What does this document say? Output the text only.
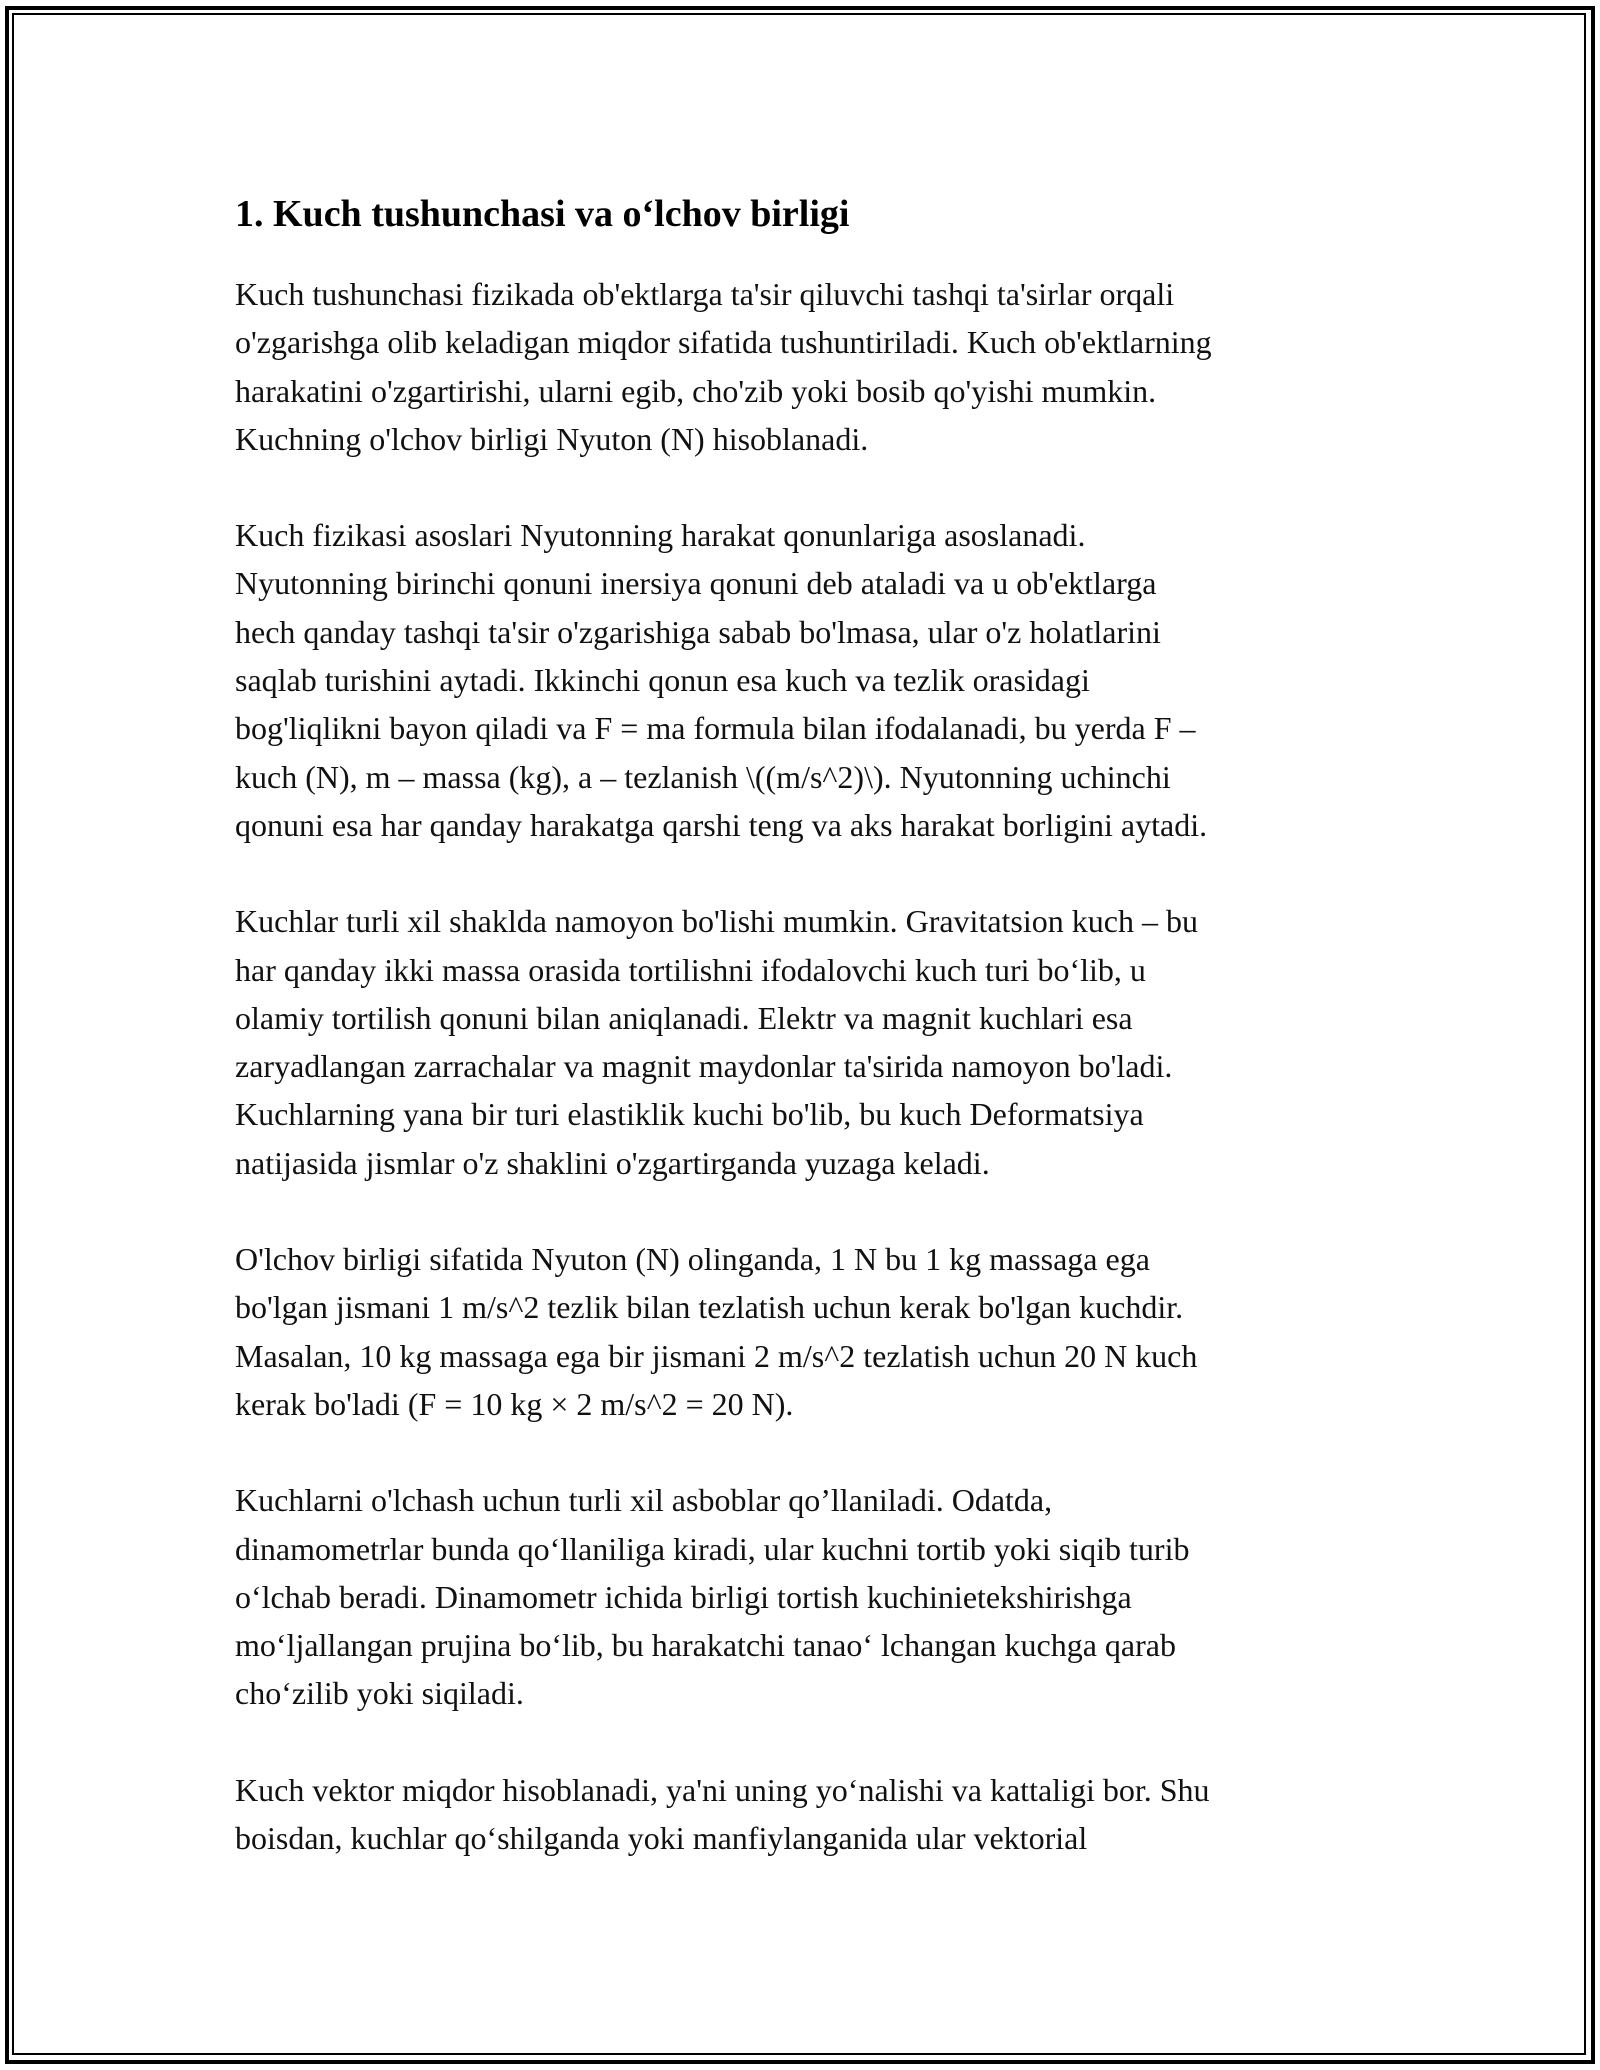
1. Kuch tushunchasi va o‘lchov birligi
Kuch tushunchasi fizikada ob'ektlarga ta'sir qiluvchi tashqi ta'sirlar orqali
o'zgarishga olib keladigan miqdor sifatida tushuntiriladi. Kuch ob'ektlarning
harakatini o'zgartirishi, ularni egib, cho'zib yoki bosib qo'yishi mumkin.
Kuchning o'lchov birligi Nyuton (N) hisoblanadi.
Kuch fizikasi asoslari Nyutonning harakat qonunlariga asoslanadi.
Nyutonning birinchi qonuni inersiya qonuni deb ataladi va u ob'ektlarga
hech qanday tashqi ta'sir o'zgarishiga sabab bo'lmasa, ular o'z holatlarini
saqlab turishini aytadi. Ikkinchi qonun esa kuch va tezlik orasidagi
bog'liqlikni bayon qiladi va F = ma formula bilan ifodalanadi, bu yerda F –
kuch (N), m – massa (kg), a – tezlanish \((m/s^2)\). Nyutonning uchinchi
qonuni esa har qanday harakatga qarshi teng va aks harakat borligini aytadi.
Kuchlar turli xil shaklda namoyon bo'lishi mumkin. Gravitatsion kuch – bu
har qanday ikki massa orasida tortilishni ifodalovchi kuch turi bo‘lib, u
olamiy tortilish qonuni bilan aniqlanadi. Elektr va magnit kuchlari esa
zaryadlangan zarrachalar va magnit maydonlar ta'sirida namoyon bo'ladi.
Kuchlarning yana bir turi elastiklik kuchi bo'lib, bu kuch Deformatsiya
natijasida jismlar o'z shaklini o'zgartirganda yuzaga keladi.
O'lchov birligi sifatida Nyuton (N) olinganda, 1 N bu 1 kg massaga ega
bo'lgan jismani 1 m/s^2 tezlik bilan tezlatish uchun kerak bo'lgan kuchdir.
Masalan, 10 kg massaga ega bir jismani 2 m/s^2 tezlatish uchun 20 N kuch
kerak bo'ladi (F = 10 kg × 2 m/s^2 = 20 N).
Kuchlarni o'lchash uchun turli xil asboblar qo’llaniladi. Odatda,
dinamometrlar bunda qo‘llaniliga kiradi, ular kuchni tortib yoki siqib turib
o‘lchab beradi. Dinamometr ichida birligi tortish kuchinietekshirishga
mo‘ljallangan prujina bo‘lib, bu harakatchi tanao‘ lchangan kuchga qarab
cho‘zilib yoki siqiladi.
Kuch vektor miqdor hisoblanadi, ya'ni uning yo‘nalishi va kattaligi bor. Shu
boisdan, kuchlar qo‘shilganda yoki manfiylanganida ular vektorial
